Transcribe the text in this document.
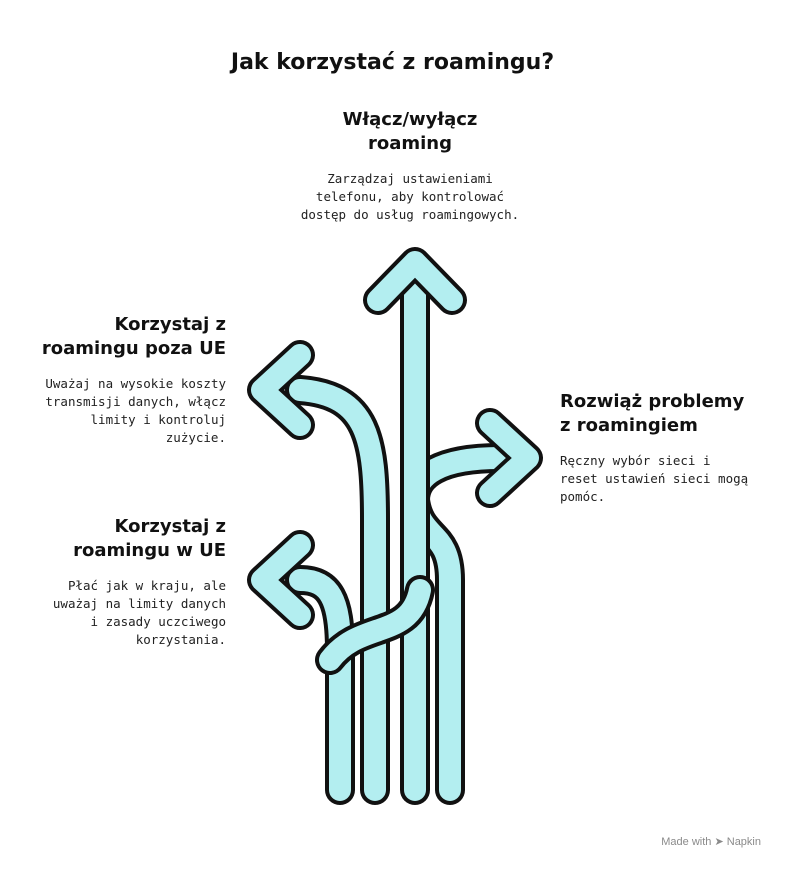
Jak korzystać z roamingu?
Włącz/wyłącz roaming
Zarządzaj ustawieniami telefonu, aby kontrolować dostęp do usług roamingowych.
Korzystaj z roamingu poza UE
Uważaj na wysokie koszty transmisji danych, włącz limity i kontroluj zużycie.
Korzystaj z roamingu w UE
Płać jak w kraju, ale uważaj na limity danych i zasady uczciwego korzystania.
Rozwiąż problemy z roamingiem
Ręczny wybór sieci i reset ustawień sieci mogą pomóc.
Made with ➤ Napkin
